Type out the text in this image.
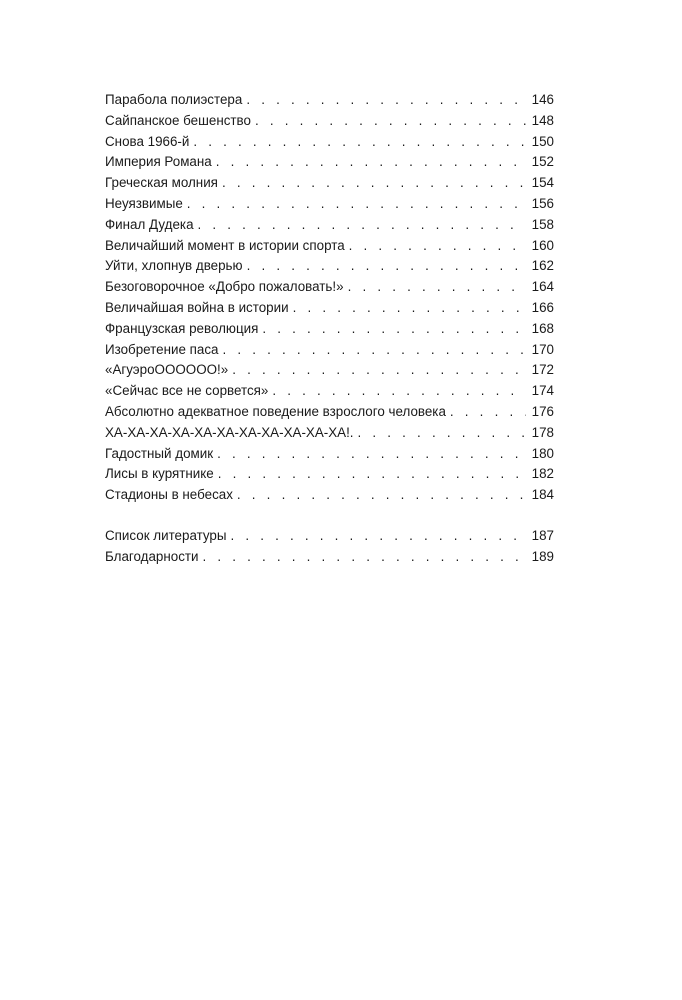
Парабола полиэстера . .	146
Сайпанское бешенство . .	148
Снова 1966-й . .	150
Империя Романа . .	152
Греческая молния . .	154
Неуязвимые . .	156
Финал Дудека . .	158
Величайший момент в истории спорта . .	160
Уйти, хлопнув дверью . .	162
Безоговорочное «Добро пожаловать!» . .	164
Величайшая война в истории . .	166
Французская революция . .	168
Изобретение паса . .	170
«АгуэроОООООО!» . .	172
«Сейчас все не сорвется» . .	174
Абсолютно адекватное поведение взрослого человека . .	176
ХА-ХА-ХА-ХА-ХА-ХА-ХА-ХА-ХА-ХА-ХА!. . .	178
Гадостный домик . .	180
Лисы в курятнике . .	182
Стадионы в небесах . .	184
Список литературы . .	187
Благодарности . .	189
